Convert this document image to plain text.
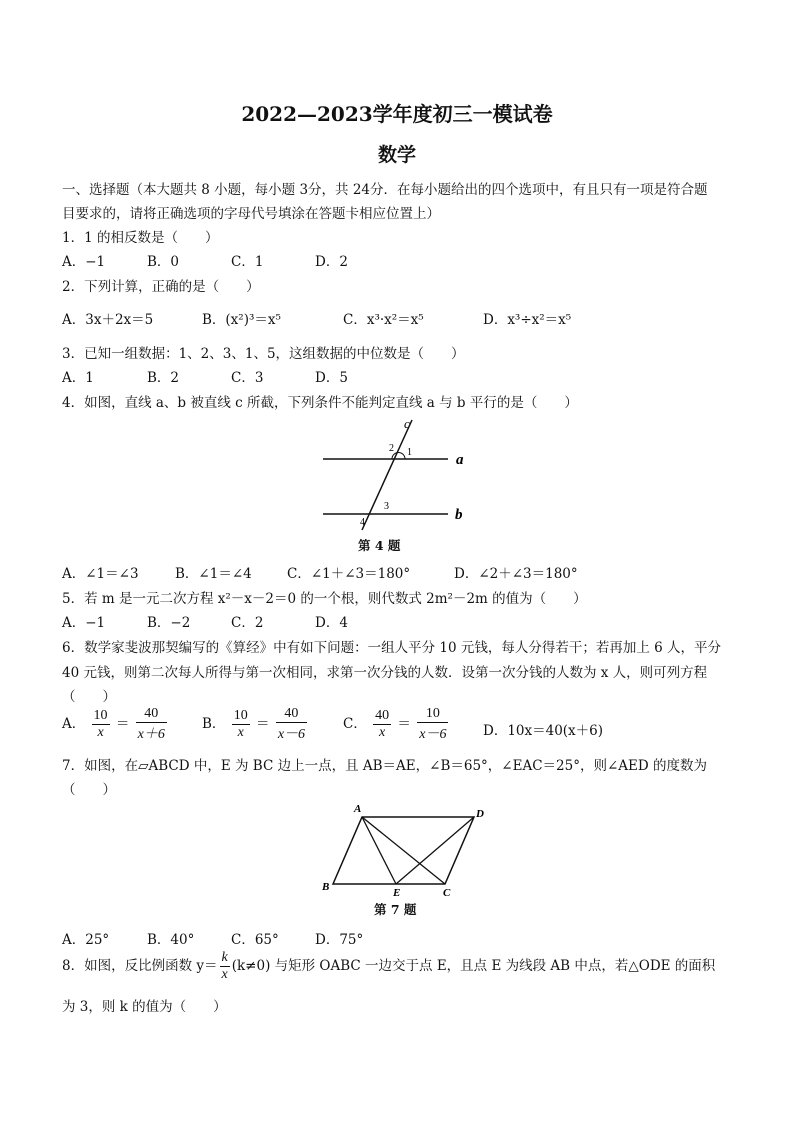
2022—2023学年度初三一模试卷
数学
一、选择题（本大题共 8 小题，每小题 3分，共 24分．在每小题给出的四个选项中，有且只有一项是符合题
目要求的，请将正确选项的字母代号填涂在答题卡相应位置上）
1．1 的相反数是（　　）
A．−1	B．0	C．1	D．2
2．下列计算，正确的是（　　）
A．3x＋2x＝5	B．(x²)³＝x⁵	C．x³·x²＝x⁵	D．x³÷x²＝x⁵
3．已知一组数据：1、2、3、1、5，这组数据的中位数是（　　）
A．1	B．2	C．3	D．5
4．如图，直线 a、b 被直线 c 所截，下列条件不能判定直线 a 与 b 平行的是（　　）
c
a
b
1
2
3
4
第 4 题
A．∠1＝∠3	B．∠1＝∠4	C．∠1＋∠3＝180°	D．∠2＋∠3＝180°
5．若 m 是一元二次方程 x²－x－2＝0 的一个根，则代数式 2m²－2m 的值为（　　）
A．−1	B．−2	C．2	D．4
6．数学家斐波那契编写的《算经》中有如下问题：一组人平分 10 元钱，每人分得若干；若再加上 6 人，平分
40 元钱，则第二次每人所得与第一次相同，求第一次分钱的人数．设第一次分钱的人数为 x 人，则可列方程
（　　）
A． $\frac{10}{x} = \frac{40}{x+6}$	B． $\frac{10}{x} = \frac{40}{x-6}$	C． $\frac{40}{x} = \frac{10}{x-6}$	D．10x＝40(x＋6)
7．如图，在▱ABCD 中，E 为 BC 边上一点，且 AB＝AE，∠B＝65°，∠EAC＝25°，则∠AED 的度数为
（　　）
A	D
B	E	C
第 7 题
A．25°	B．40°	C．65°	D．75°
8．如图，反比例函数 $y= \frac{k}{x} (k\ne 0)$ 与矩形 OABC 一边交于点 E，且点 E 为线段 AB 中点，若△ODE 的面积
为 3，则 k 的值为（　　）
